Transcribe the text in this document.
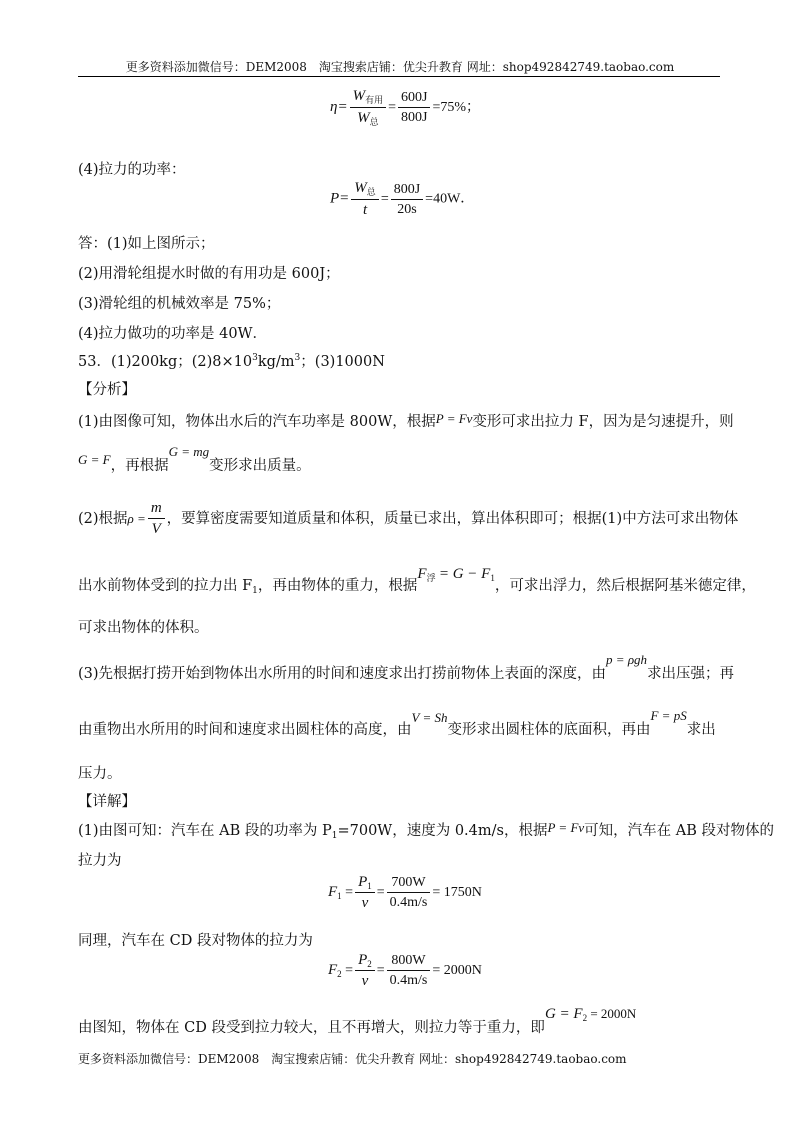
更多资料添加微信号：DEM2008　淘宝搜索店铺：优尖升教育 网址：shop492842749.taobao.com
$\eta= \frac{W_{有用}}{W_总} = \frac{600J}{800J} =75\%$；
(4)拉力的功率：
$P= \frac{W_总}{t} = \frac{800J}{20s} =40W$．
答：(1)如上图所示；
(2)用滑轮组提水时做的有用功是 600J；
(3)滑轮组的机械效率是 75%；
(4)拉力做功的功率是 40W．
53．(1)200kg；$(2)8\times 10^3kg/m^3$；(3)1000N
【分析】
(1)由图像可知，物体出水后的汽车功率是 800W，根据P = Fv变形可求出拉力 F，因为是匀速提升，则
G = F，再根据G = mg变形求出质量。
(2)根据$\rho = \frac{m}{V}$ ，要算密度需要知道质量和体积，质量已求出，算出体积即可；根据(1)中方法可求出物体
出水前物体受到的拉力出 $F_1$，再由物体的重力，根据$F_浮 = G - F_1$，可求出浮力，然后根据阿基米德定律，
可求出物体的体积。
(3)先根据打捞开始到物体出水所用的时间和速度求出打捞前物体上表面的深度，由p = ρgh求出压强；再
由重物出水所用的时间和速度求出圆柱体的高度，由V = Sh变形求出圆柱体的底面积，再由F = pS求出
压力。
【详解】
(1)由图可知：汽车在 AB 段的功率为 $P_1=700W$，速度为 0.4m/s，根据P = Fv可知，汽车在 AB 段对物体的
拉力为
$F_1 = \frac{P_1}{v} = \frac{700W}{0.4m/s} = 1750N$
同理，汽车在 CD 段对物体的拉力为
$F_2 = \frac{P_2}{v} = \frac{800W}{0.4m/s} = 2000N$
由图知，物体在 CD 段受到拉力较大，且不再增大，则拉力等于重力，即$G = F_2 = 2000N$
更多资料添加微信号：DEM2008　淘宝搜索店铺：优尖升教育 网址：shop492842749.taobao.com
